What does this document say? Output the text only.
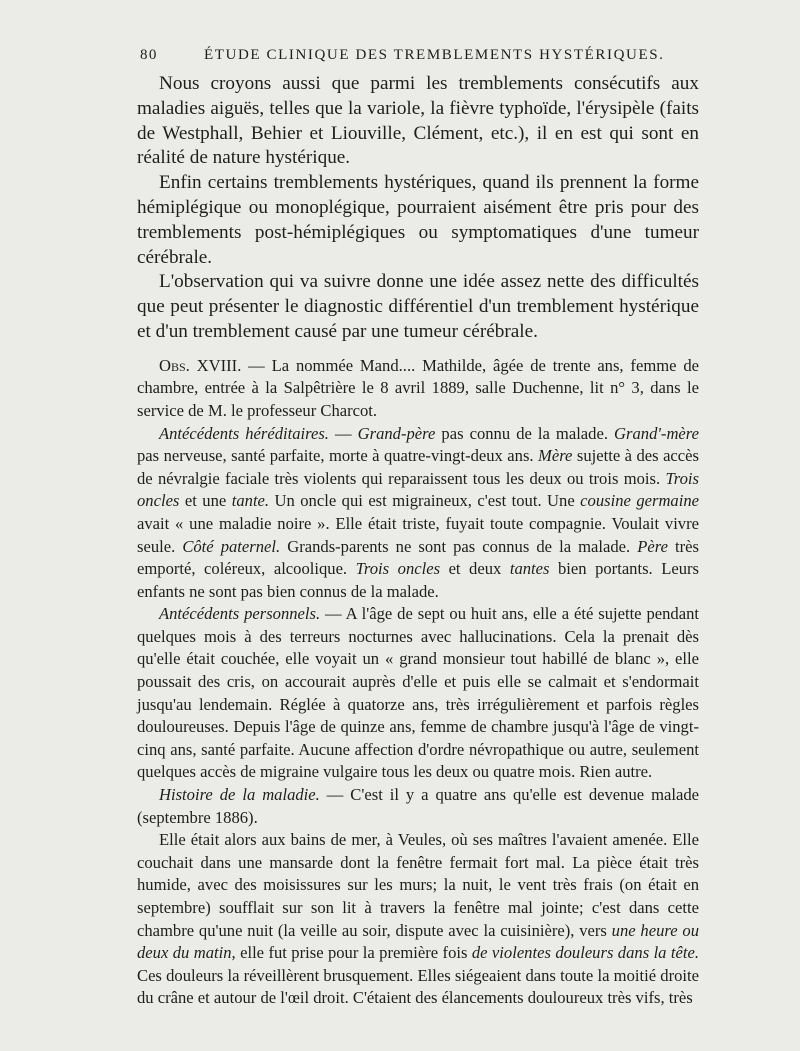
80	ÉTUDE CLINIQUE DES TREMBLEMENTS HYSTÉRIQUES.

Nous croyons aussi que parmi les tremblements consécutifs aux maladies aiguës, telles que la variole, la fièvre typhoïde, l'érysipèle (faits de Westphall, Behier et Liouville, Clément, etc.), il en est qui sont en réalité de nature hystérique.

Enfin certains tremblements hystériques, quand ils prennent la forme hémiplégique ou monoplégique, pourraient aisément être pris pour des tremblements post-hémiplégiques ou symptomatiques d'une tumeur cérébrale.

L'observation qui va suivre donne une idée assez nette des difficultés que peut présenter le diagnostic différentiel d'un tremblement hystérique et d'un tremblement causé par une tumeur cérébrale.

Obs. XVIII. — La nommée Mand.... Mathilde, âgée de trente ans, femme de chambre, entrée à la Salpêtrière le 8 avril 1889, salle Duchenne, lit n° 3, dans le service de M. le professeur Charcot.

Antécédents héréditaires. — Grand-père pas connu de la malade. Grand'-mère pas nerveuse, santé parfaite, morte à quatre-vingt-deux ans. Mère sujette à des accès de névralgie faciale très violents qui reparaissent tous les deux ou trois mois. Trois oncles et une tante. Un oncle qui est migraineux, c'est tout. Une cousine germaine avait « une maladie noire ». Elle était triste, fuyait toute compagnie. Voulait vivre seule. Côté paternel. Grands-parents ne sont pas connus de la malade. Père très emporté, coléreux, alcoolique. Trois oncles et deux tantes bien portants. Leurs enfants ne sont pas bien connus de la malade.

Antécédents personnels. — A l'âge de sept ou huit ans, elle a été sujette pendant quelques mois à des terreurs nocturnes avec hallucinations. Cela la prenait dès qu'elle était couchée, elle voyait un « grand monsieur tout habillé de blanc », elle poussait des cris, on accourait auprès d'elle et puis elle se calmait et s'endormait jusqu'au lendemain. Réglée à quatorze ans, très irrégulièrement et parfois règles douloureuses. Depuis l'âge de quinze ans, femme de chambre jusqu'à l'âge de vingt-cinq ans, santé parfaite. Aucune affection d'ordre névropathique ou autre, seulement quelques accès de migraine vulgaire tous les deux ou quatre mois. Rien autre.

Histoire de la maladie. — C'est il y a quatre ans qu'elle est devenue malade (septembre 1886).

Elle était alors aux bains de mer, à Veules, où ses maîtres l'avaient amenée. Elle couchait dans une mansarde dont la fenêtre fermait fort mal. La pièce était très humide, avec des moisissures sur les murs; la nuit, le vent très frais (on était en septembre) soufflait sur son lit à travers la fenêtre mal jointe; c'est dans cette chambre qu'une nuit (la veille au soir, dispute avec la cuisinière), vers une heure ou deux du matin, elle fut prise pour la première fois de violentes douleurs dans la tête. Ces douleurs la réveillèrent brusquement. Elles siégeaient dans toute la moitié droite du crâne et autour de l'œil droit. C'étaient des élancements douloureux très vifs, très
